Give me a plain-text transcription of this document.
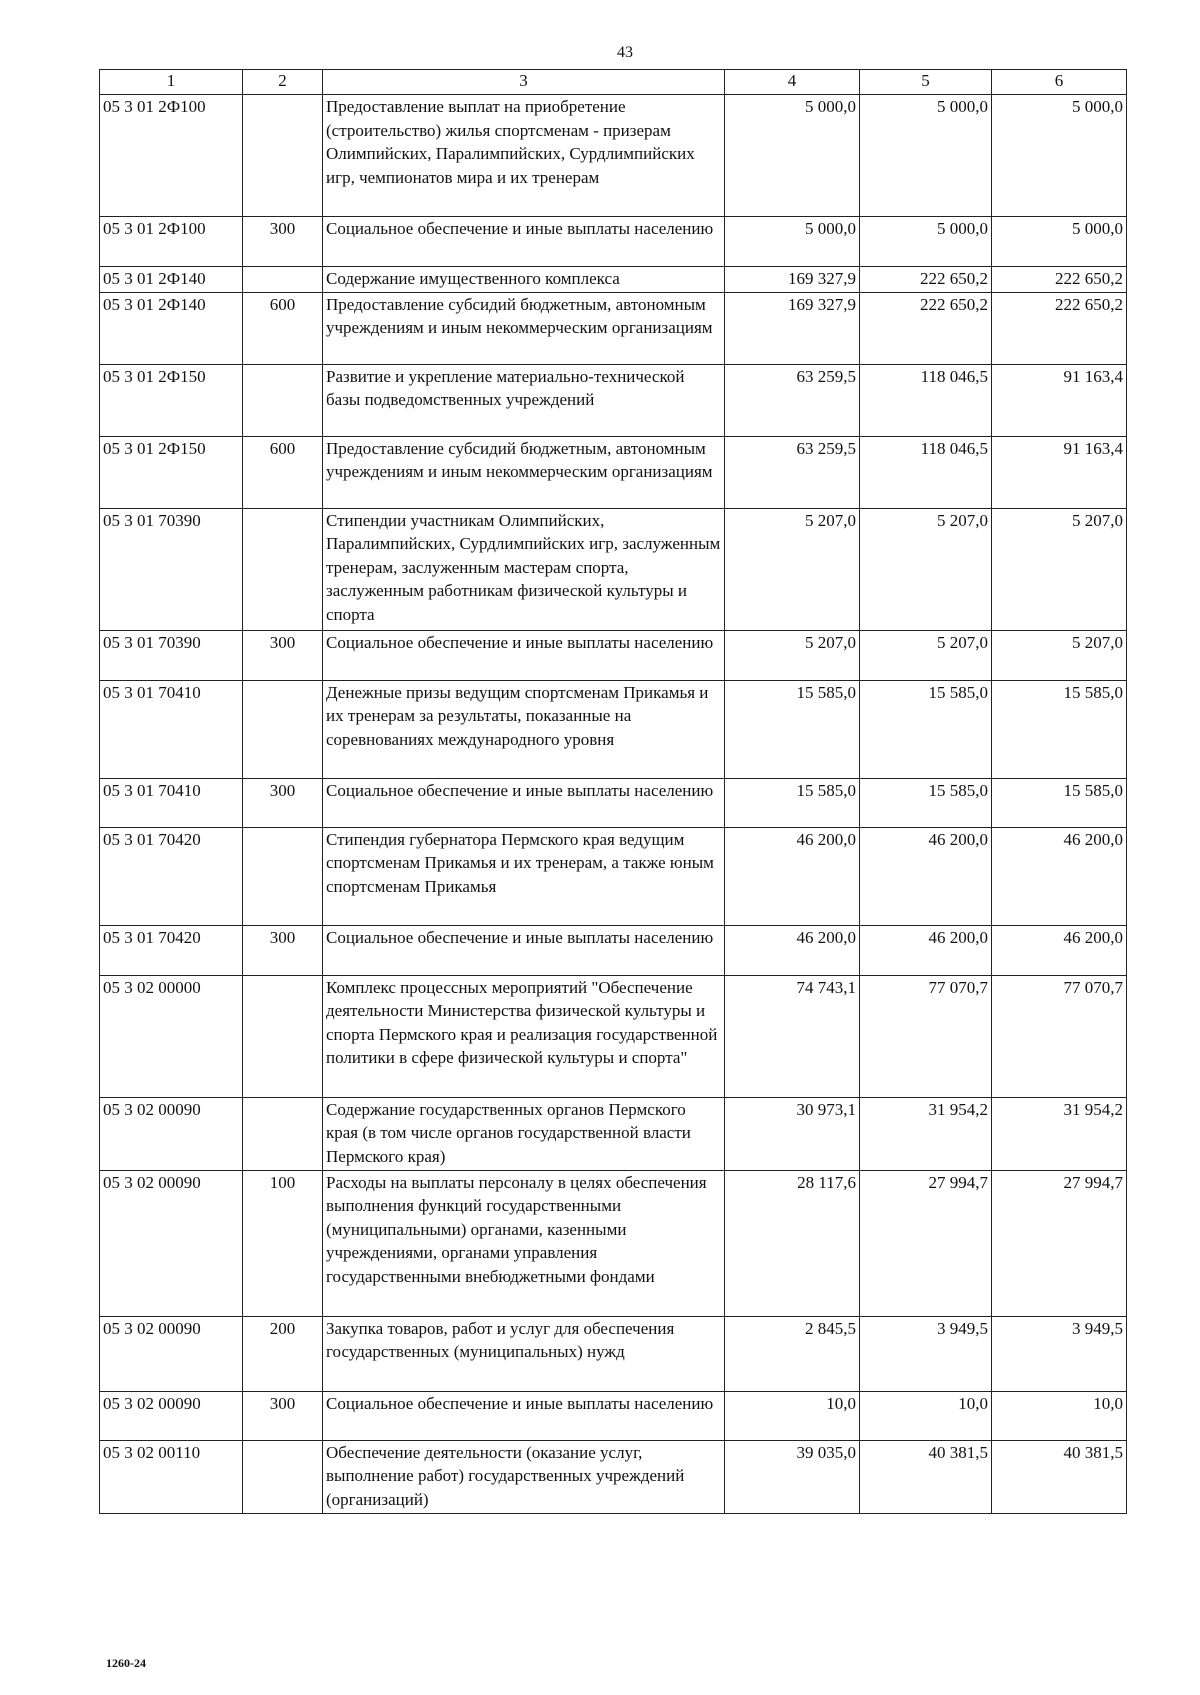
43
1	2	3	4	5	6
05 3 01 2Ф100		Предоставление выплат на приобретение (строительство) жилья спортсменам - призерам Олимпийских, Паралимпийских, Сурдлимпийских игр, чемпионатов мира и их тренерам	5 000,0	5 000,0	5 000,0
05 3 01 2Ф100	300	Социальное обеспечение и иные выплаты населению	5 000,0	5 000,0	5 000,0
05 3 01 2Ф140		Содержание имущественного комплекса	169 327,9	222 650,2	222 650,2
05 3 01 2Ф140	600	Предоставление субсидий бюджетным, автономным учреждениям и иным некоммерческим организациям	169 327,9	222 650,2	222 650,2
05 3 01 2Ф150		Развитие и укрепление материально-технической базы подведомственных учреждений	63 259,5	118 046,5	91 163,4
05 3 01 2Ф150	600	Предоставление субсидий бюджетным, автономным учреждениям и иным некоммерческим организациям	63 259,5	118 046,5	91 163,4
05 3 01 70390		Стипендии участникам Олимпийских, Паралимпийских, Сурдлимпийских игр, заслуженным тренерам, заслуженным мастерам спорта, заслуженным работникам физической культуры и спорта	5 207,0	5 207,0	5 207,0
05 3 01 70390	300	Социальное обеспечение и иные выплаты населению	5 207,0	5 207,0	5 207,0
05 3 01 70410		Денежные призы ведущим спортсменам Прикамья и их тренерам за результаты, показанные на соревнованиях международного уровня	15 585,0	15 585,0	15 585,0
05 3 01 70410	300	Социальное обеспечение и иные выплаты населению	15 585,0	15 585,0	15 585,0
05 3 01 70420		Стипендия губернатора Пермского края ведущим спортсменам Прикамья и их тренерам, а также юным спортсменам Прикамья	46 200,0	46 200,0	46 200,0
05 3 01 70420	300	Социальное обеспечение и иные выплаты населению	46 200,0	46 200,0	46 200,0
05 3 02 00000		Комплекс процессных мероприятий "Обеспечение деятельности Министерства физической культуры и спорта Пермского края и реализация государственной политики в сфере физической культуры и спорта"	74 743,1	77 070,7	77 070,7
05 3 02 00090		Содержание государственных органов Пермского края (в том числе органов государственной власти Пермского края)	30 973,1	31 954,2	31 954,2
05 3 02 00090	100	Расходы на выплаты персоналу в целях обеспечения выполнения функций государственными (муниципальными) органами, казенными учреждениями, органами управления государственными внебюджетными фондами	28 117,6	27 994,7	27 994,7
05 3 02 00090	200	Закупка товаров, работ и услуг для обеспечения государственных (муниципальных) нужд	2 845,5	3 949,5	3 949,5
05 3 02 00090	300	Социальное обеспечение и иные выплаты населению	10,0	10,0	10,0
05 3 02 00110		Обеспечение деятельности (оказание услуг, выполнение работ) государственных учреждений (организаций)	39 035,0	40 381,5	40 381,5
1260-24
